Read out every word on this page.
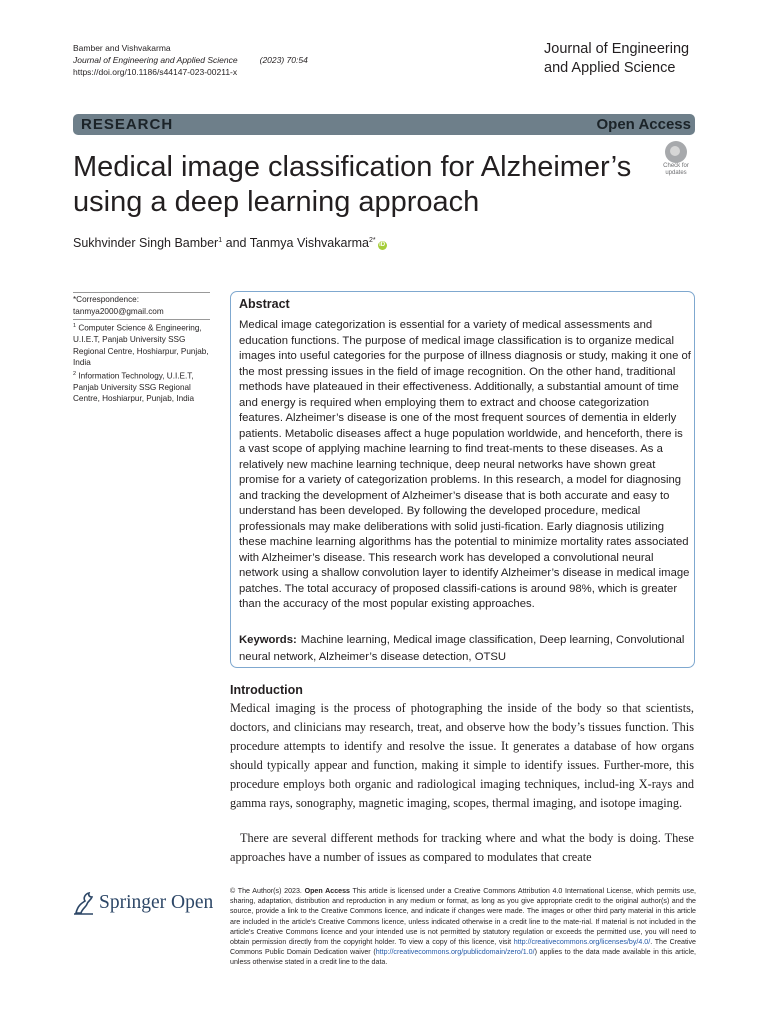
Bamber and Vishvakarma
Journal of Engineering and Applied Science	(2023) 70:54
https://doi.org/10.1186/s44147-023-00211-x
Journal of Engineering
and Applied Science
RESEARCH	Open Access
Medical image classification for Alzheimer’s
using a deep learning approach
Check for
updates
Sukhvinder Singh Bamber$^1$ and Tanmya Vishvakarma$^{2*}$iD
*Correspondence:
tanmya2000@gmail.com
$^1$ Computer Science & Engineering, U.I.E.T, Panjab University SSG Regional Centre, Hoshiarpur, Punjab, India
$^2$ Information Technology, U.I.E.T, Panjab University SSG Regional Centre, Hoshiarpur, Punjab, India
Abstract
Medical image categorization is essential for a variety of medical assessments and education functions. The purpose of medical image classification is to organize medical images into useful categories for the purpose of illness diagnosis or study, making it one of the most pressing issues in the field of image recognition. On the other hand, traditional methods have plateaued in their effectiveness. Additionally, a substantial amount of time and energy is required when employing them to extract and choose categorization features. Alzheimer’s disease is one of the most frequent sources of dementia in elderly patients. Metabolic diseases affect a huge population worldwide, and henceforth, there is a vast scope of applying machine learning to find treat-ments to these diseases. As a relatively new machine learning technique, deep neural networks have shown great promise for a variety of categorization problems. In this research, a model for diagnosing and tracking the development of Alzheimer’s disease that is both accurate and easy to understand has been developed. By following the developed procedure, medical professionals may make deliberations with solid justi-fication. Early diagnosis utilizing these machine learning algorithms has the potential to minimize mortality rates associated with Alzheimer’s disease. This research work has developed a convolutional neural network using a shallow convolution layer to identify Alzheimer’s disease in medical image patches. The total accuracy of proposed classifi-cations is around 98%, which is greater than the accuracy of the most popular existing approaches.
Keywords: Machine learning, Medical image classification, Deep learning, Convolutional neural network, Alzheimer’s disease detection, OTSU
Introduction
Medical imaging is the process of photographing the inside of the body so that scientists, doctors, and clinicians may research, treat, and observe how the body’s tissues function. This procedure attempts to identify and resolve the issue. It generates a database of how organs should typically appear and function, making it simple to identify issues. Further-more, this procedure employs both organic and radiological imaging techniques, includ-ing X-rays and gamma rays, sonography, magnetic imaging, scopes, thermal imaging, and isotope imaging.
There are several different methods for tracking where and what the body is doing. These approaches have a number of issues as compared to modulates that create
Springer Open
© The Author(s) 2023. Open Access This article is licensed under a Creative Commons Attribution 4.0 International License, which permits use, sharing, adaptation, distribution and reproduction in any medium or format, as long as you give appropriate credit to the original author(s) and the source, provide a link to the Creative Commons licence, and indicate if changes were made. The images or other third party material in this article are included in the article’s Creative Commons licence, unless indicated otherwise in a credit line to the mate-rial. If material is not included in the article’s Creative Commons licence and your intended use is not permitted by statutory regulation or exceeds the permitted use, you will need to obtain permission directly from the copyright holder. To view a copy of this licence, visit http://creativecommons.org/licenses/by/4.0/. The Creative Commons Public Domain Dedication waiver (http://creativecommons.org/publicdomain/zero/1.0/) applies to the data made available in this article, unless otherwise stated in a credit line to the data.
